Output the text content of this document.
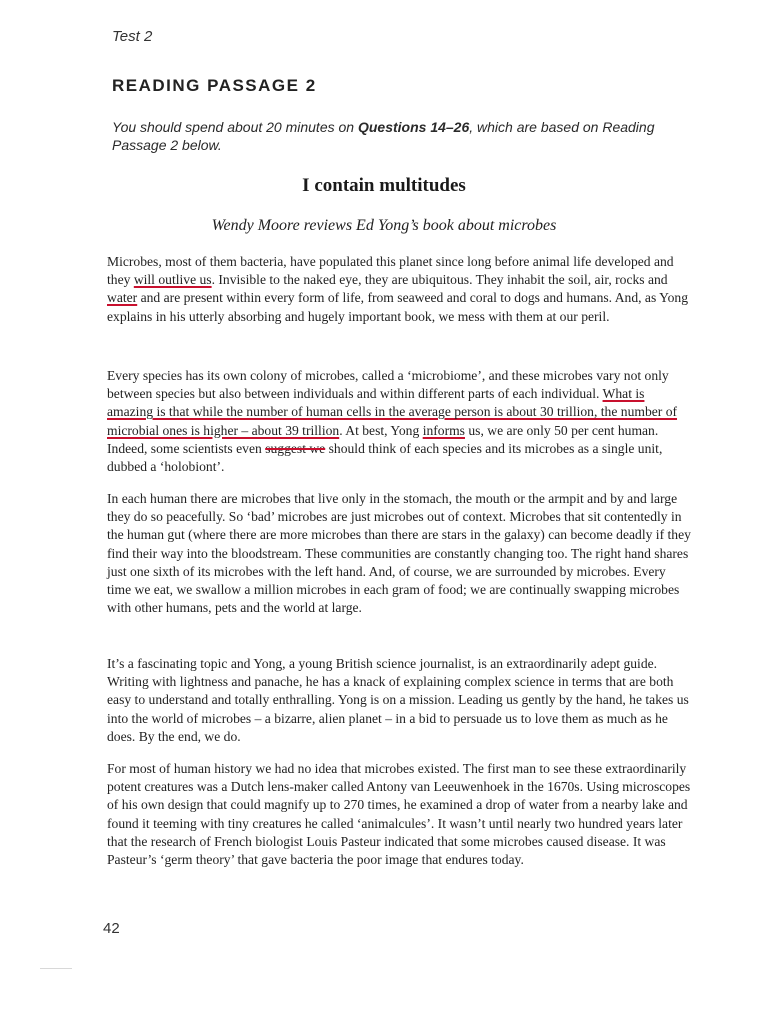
Test 2
READING PASSAGE 2
You should spend about 20 minutes on Questions 14–26, which are based on Reading Passage 2 below.
I contain multitudes
Wendy Moore reviews Ed Yong’s book about microbes

Microbes, most of them bacteria, have populated this planet since long before animal life developed and they will outlive us. Invisible to the naked eye, they are ubiquitous. They inhabit the soil, air, rocks and water and are present within every form of life, from seaweed and coral to dogs and humans. And, as Yong explains in his utterly absorbing and hugely important book, we mess with them at our peril.

Every species has its own colony of microbes, called a ‘microbiome’, and these microbes vary not only between species but also between individuals and within different parts of each individual. What is amazing is that while the number of human cells in the average person is about 30 trillion, the number of microbial ones is higher – about 39 trillion. At best, Yong informs us, we are only 50 per cent human. Indeed, some scientists even suggest we should think of each species and its microbes as a single unit, dubbed a ‘holobiont’.

In each human there are microbes that live only in the stomach, the mouth or the armpit and by and large they do so peacefully. So ‘bad’ microbes are just microbes out of context. Microbes that sit contentedly in the human gut (where there are more microbes than there are stars in the galaxy) can become deadly if they find their way into the bloodstream. These communities are constantly changing too. The right hand shares just one sixth of its microbes with the left hand. And, of course, we are surrounded by microbes. Every time we eat, we swallow a million microbes in each gram of food; we are continually swapping microbes with other humans, pets and the world at large.

It’s a fascinating topic and Yong, a young British science journalist, is an extraordinarily adept guide. Writing with lightness and panache, he has a knack of explaining complex science in terms that are both easy to understand and totally enthralling. Yong is on a mission. Leading us gently by the hand, he takes us into the world of microbes – a bizarre, alien planet – in a bid to persuade us to love them as much as he does. By the end, we do.

For most of human history we had no idea that microbes existed. The first man to see these extraordinarily potent creatures was a Dutch lens-maker called Antony van Leeuwenhoek in the 1670s. Using microscopes of his own design that could magnify up to 270 times, he examined a drop of water from a nearby lake and found it teeming with tiny creatures he called ‘animalcules’. It wasn’t until nearly two hundred years later that the research of French biologist Louis Pasteur indicated that some microbes caused disease. It was Pasteur’s ‘germ theory’ that gave bacteria the poor image that endures today.

42
